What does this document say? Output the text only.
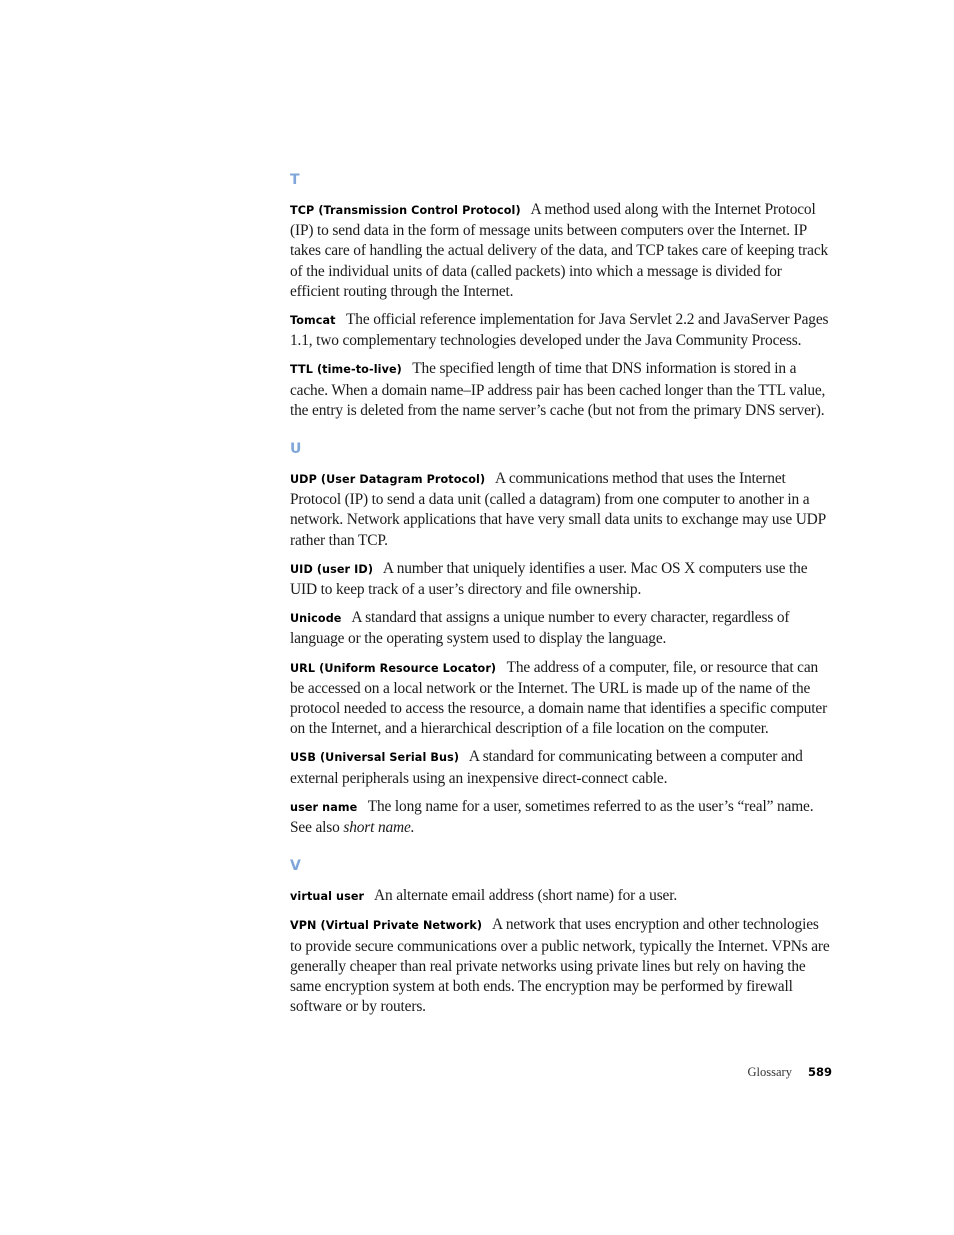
T

TCP (Transmission Control Protocol) A method used along with the Internet Protocol (IP) to send data in the form of message units between computers over the Internet. IP takes care of handling the actual delivery of the data, and TCP takes care of keeping track of the individual units of data (called packets) into which a message is divided for efficient routing through the Internet.

Tomcat The official reference implementation for Java Servlet 2.2 and JavaServer Pages 1.1, two complementary technologies developed under the Java Community Process.

TTL (time-to-live) The specified length of time that DNS information is stored in a cache. When a domain name–IP address pair has been cached longer than the TTL value, the entry is deleted from the name server’s cache (but not from the primary DNS server).

U

UDP (User Datagram Protocol) A communications method that uses the Internet Protocol (IP) to send a data unit (called a datagram) from one computer to another in a network. Network applications that have very small data units to exchange may use UDP rather than TCP.

UID (user ID) A number that uniquely identifies a user. Mac OS X computers use the UID to keep track of a user’s directory and file ownership.

Unicode A standard that assigns a unique number to every character, regardless of language or the operating system used to display the language.

URL (Uniform Resource Locator) The address of a computer, file, or resource that can be accessed on a local network or the Internet. The URL is made up of the name of the protocol needed to access the resource, a domain name that identifies a specific computer on the Internet, and a hierarchical description of a file location on the computer.

USB (Universal Serial Bus) A standard for communicating between a computer and external peripherals using an inexpensive direct-connect cable.

user name The long name for a user, sometimes referred to as the user’s “real” name. See also short name.

V

virtual user An alternate email address (short name) for a user.

VPN (Virtual Private Network) A network that uses encryption and other technologies to provide secure communications over a public network, typically the Internet. VPNs are generally cheaper than real private networks using private lines but rely on having the same encryption system at both ends. The encryption may be performed by firewall software or by routers.

Glossary 589
